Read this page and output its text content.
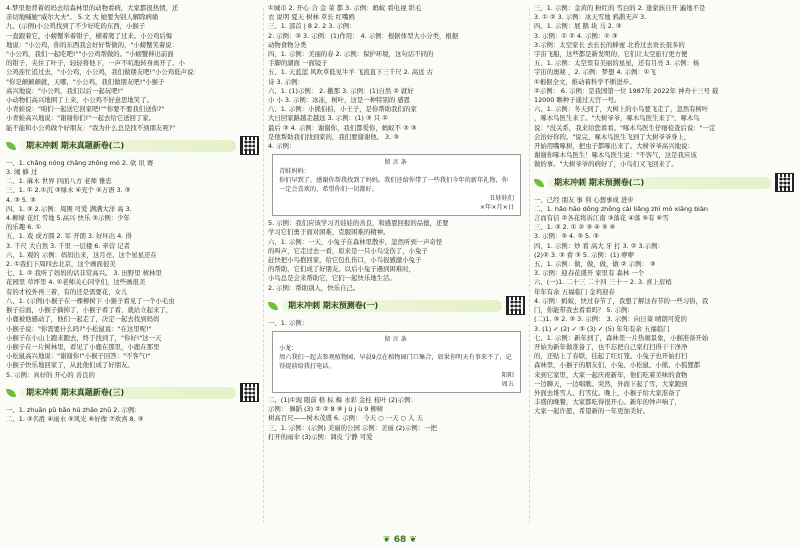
4.梦里他背着妈妈去给森林里的动物看病，大家都很热情，还
亲切地喊她"威尔大夫"。 5.文 大 她要为别人解除病痛
九、(示例)小公鸡找到了不少好吃的东西，小猴子
一直跟着它，小螃蟹举着钳子，横着爬了过来。小公鸡后悔
地说："小公鸡，你的东西我会好好帮做的，"小螃蟹笑着说：
"小公鸡，我们一起吃吧!""小公鸡帮做的。"小螃蟹伸出前面
的钳子，夹住了叶子，轻轻将他下，一声不吭地转身离开了。小
公鸡连忙追过去，"小公鸡，小公鸡，我们做朋友吧!"小公鸡低声说：
"你是颠颠颠就，天哪，"小公鸡，我们做朋友吧!"小猴子
高兴地说："小公鸡，我们以后一起玩吧!"
小动物们高兴地围了上来，小公鸡不好意思地笑了。
小青蛙说："咱们一起送它回家吧!""你要不要我们送你?"
小青蛙高兴地说："谢谢你们!"一起去给它送回了家。
能不能和小公鸡做个好朋友："我为什么总是找不到朋友呢?"
期末冲刺 期末真题新卷(二)
一、1. chǎng nóng chǎng zhǒng mó 2. 砍 讯 赛
3. 闹 蜂 过
二、1. 麻木 世界 四面八方 老师 雅忠
三、1. ① 2.①沉 ③绿木 ④充个 ⑤万语 3. ③
4. ③ 5. ③
四、1. ③ 2.示例：周围 可爱 满满大洋 高 3.
4.柳绿 花红 雪地 5.高兴 快乐 ③示例：少年
的乐趣 6. ①
五、1. 戏 成方圆 2. 军 开朗 3. 好坏出 4. 得
3. 千尺 大自然 3. 千里 一层楼 6. 牵营 记者
六、1. 观的 示例：妈妈出来，这月亮、这个星星还在
2. ①我们下周四去北京，这个画面很美
七、1. ② 我听了妈妈的话非常高兴。 3. 田野里 树林里
花园里 草坪里 4. ①老师关心同学们，这些画很美
有的才校外再三着，有的还是需要花，女儿
八、1. (示例)小猴子在一棵柳树下 小猴子看见了一个小毛虫
猴子后面，小猴子摘掉了，小猴子看了看，就站立起来了，
小鹿被他感动了，他们一起走了，决定一起去找到妈妈
小猴子说："你需要什么吗?"小松鼠说："在这里呢!"
小猴子在小山上跑来跑去，终于找到了，"你好!"这一天
小猴子在一片树林里，看见了小鹿在那里，小鹿在那里
小松鼠高兴地说："谢谢你!"小猴子回答："不客气!"
小猴子快乐地回家了，从此他们成了好朋友。
5. 示例：真好的 开心的 善良的
期末冲刺 期末真题新卷(三)
一、1. zhuān pǔ bǎo hú zhāo zhū 2. 示例：
二、1. ③名胜 ④雨水 ⑤风光 ⑥好像 ⑦欢喜 8. ③
①城市 2. 开心 合 金 菜 都 3. 示例：蚂蚁 看电视 织毛
衣 说明 夏天 树林 草长 红嘴鸥
三、1. 部首 | 8 2. 2 3. 示例：
2. 示例：③ 3. 示例：(1)作用： 4. 示例：根据体型大小分类，根据
动物食物分类
四、1. 示例：美丽的春 2. 示例：保护环境，这句话不同的
手脚的湖面 一面镜子
五、1. 天蓝蓝 风吹草低见牛羊 飞流直下三千尺 2. 高远 古
诗 3. 示例：
六、1. (1)示例： 2. 撤那 3. 示例：(1)自然 ② 就好
小 小 3. 示例：冰冻，树叶，这是一种特别的 感恩
八、1. 示例：小熊伯伯，小王子，是你帮助我们的家
大日回家路越走越远 3. 示例：(1) ③ 只 ②
最后 ③ 4. 示例：谢谢你，我们都爱你，蚂蚁不 ③ ③
是他帮助我们找到家的，我们要谢谢他。 3. ③
4. 示例：
留言条
青蛙妈妈：
你们早到了，感谢你帮我找到了妈妈。我们还给你带了一些我们今年的新年礼物，你一定会喜欢的，希望你们一切都好。
丑娃娃们
×年×月×日
5. 示例：我们应该学习丑娃娃的善良，和感恩回报的品德，还要
学习它们勇于面对困难，克服困难的精神。
六、1. 示例：一天，小兔子在森林里散步，忽然听到一声奇怪
的叫声，它走过去一看，原来是一只小鸟受伤了，小兔子
赶快把小鸟抱回家，给它包扎伤口，小鸟很感激小兔子
的帮助，它们成了好朋友。以后小兔子遇到困难时，
小鸟总是会来帮助它，它们一起快乐地生活。
2. 示例：帮助别人，快乐自己。
期末冲刺 期末预测卷(一)
一、1. 示例：
留言条
小龙：
周六我们一起去参观植物园，早晨9点在植物园门口集合，如果你明天有事来不了，记得提前给我打电话。
阳阳
周五
二、(1)①现 眼前 格 标 梅 水彩 金桂 枝叶 (2)示例：
示例： 舞蹈 (3) ② ② 8 ⑨ j ü j ù 9 柳树
树高百尺——树木茂盛 6. 示例： 今天 ○ 一天 ○ 人 天
三、1. 示例：(示例) 美丽的公园 示例：美丽 (2)示例：一把
打开的雨伞 (3)示例：调皮 宁静 可爱
三、1. 示例：金黄的 粉红的 雪白的 2. 逢家族自开 遍地不是
3. ① ② 3. 示例：冰天雪地 鸦鹊无声 3.
四、1. 示例：展 鹅 块 马 2. ③
3. 示例：① ② 4. 示例：① ③
3.示例：太空家长 去长长的蜂蜜 北昏过去贵长很多的
宇宙飞船，这些都是新发明的，它们让太空旅行更方便
五、1. 示例：太空里有美丽的星星，还有月亮 3. 示例：杨
宇宙的奥秘 ，2. 示例：梦想 4. 示例：①飞
①根据全文，推动着科学不断进步。
②示例： 6. 示例：是我国第一位 1987年 2022年 神舟十三号 载
12000 颗种子通过天宫一号。
六、1. 示例：冬天到了，大树上的小鸟要飞走了，忽然有树叶
，啄木鸟医生来了。"大树爷爷，啄木鸟医生来了"，啄木鸟
说："没关系，我来给您看看。"啄木鸟医生仔细检查后说："一定
会治好你的。"说完，啄木鸟医生飞到了大树爷爷身上，
开始用嘴啄树，把虫子都啄出来了。大树爷爷高兴地说：
谢谢你啄木鸟医生！啄木鸟医生说："不客气，这是我应该
做的事。"大树爷爷的病好了，小鸟们又飞回来了。
期末冲刺 期末预测卷(二)
一、己经 朋友 事 利 心想事成 进步
二、1. hǎo hāo dōng zhǒng cài liǎng zhì mò xiāng biàn
言而有信 ②各花将诉江南 ③落花 ④落 ⑤有 ⑥雪
三、1. ③ 2. ① ② ③ ④ ⑤ ⑥
3. 示例：③ 4. ③ 5. ③
四、1. 示例：炒 看 高大 牙 打 3. ② 3.示例：
(2)② 3. ③ 看 ③ 5. 示例：(1) 咿咿
五、1. 示例：做，做，做，做 ② 示例： ③
3. 示例：迎春花盛开 家里有 森林 一个
六、(一)1. 二十三 二十四 三十一 2. 3. 喜上眉梢
年年有余 五福临门 金鸡迎春
4. 示例：蚂蚁，快过春节了，我想了解这春节的一些习俗，我
门，你能带我去看看吗？ 5. 示例：
(二)1. ③ 2. ③ 3. 示例： 3. 示例：向日葵 晴朗可爱的
3. (1) ✓ (2) ✓ ③ (3) ✓ (5) 年年有余 五福临门
七、1. 示例：新年到了，森林里一片热闹景象，小猴准备开始
开始为新年做准备了，也不忘把自己家打扫得干干净净
的，还贴上了春联，挂起了红灯笼。小兔子也开始打扫
森林里，小猴子的朋友们，小兔、小松鼠、小熊、小狐狸都
来到它家里，大家一起庆祝新年，他们吃着美味的食物
一边聊天，一边唱歌。突然，外面下起了雪，大家跑到
外面去堆雪人、打雪仗。晚上，小猴子给大家准备了
丰盛的晚餐，大家都吃得很开心。新年的钟声响了，
大家一起许愿，希望新的一年更加美好。
❦ 68 ❦
